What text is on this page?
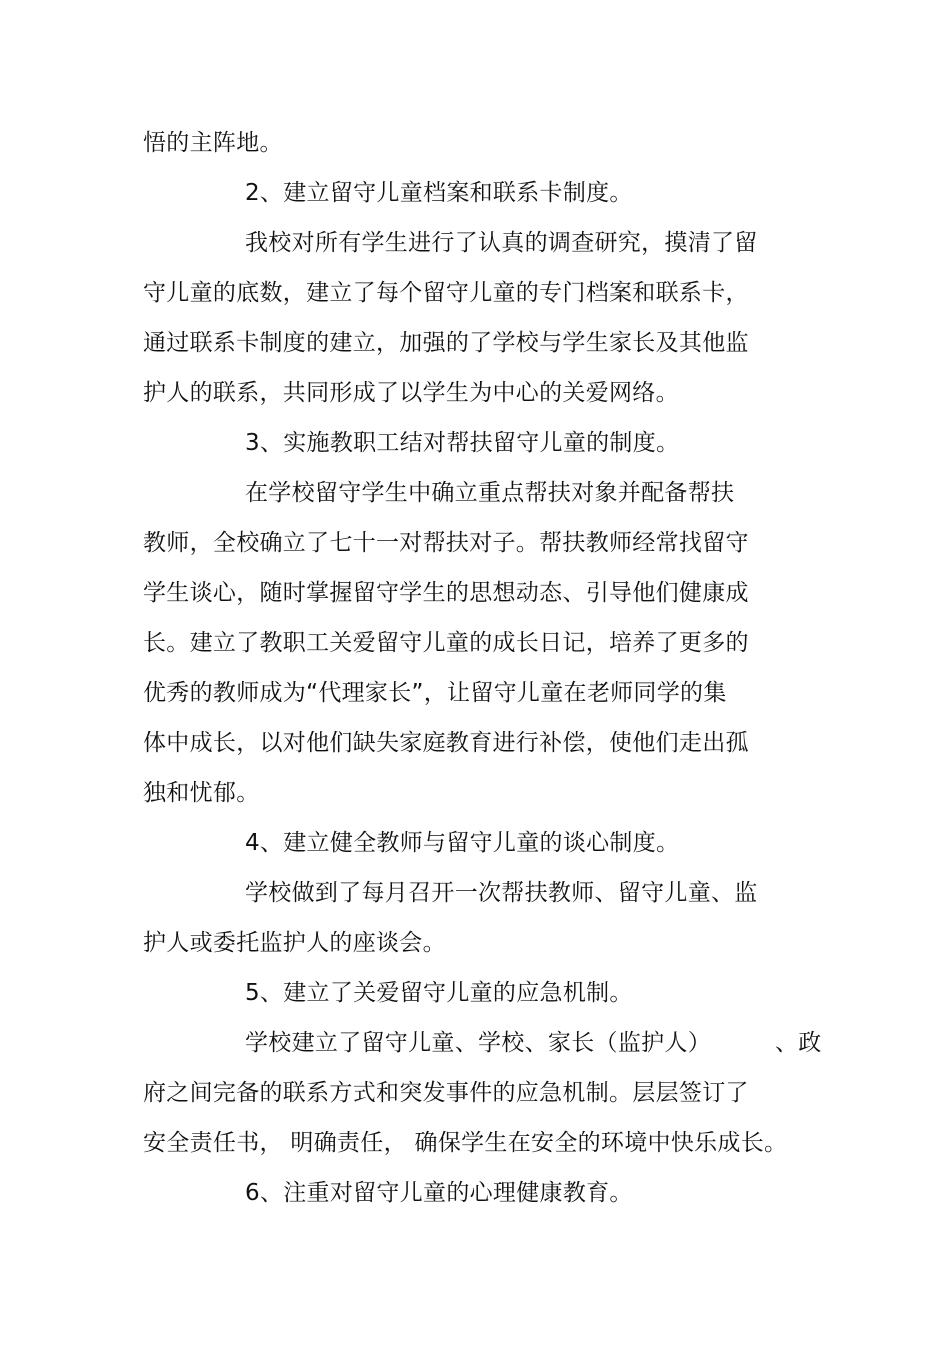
悟的主阵地。
2、建立留守儿童档案和联系卡制度。
我校对所有学生进行了认真的调查研究，摸清了留
守儿童的底数，建立了每个留守儿童的专门档案和联系卡，
通过联系卡制度的建立，加强的了学校与学生家长及其他监
护人的联系，共同形成了以学生为中心的关爱网络。
3、实施教职工结对帮扶留守儿童的制度。
在学校留守学生中确立重点帮扶对象并配备帮扶
教师，全校确立了七十一对帮扶对子。帮扶教师经常找留守
学生谈心，随时掌握留守学生的思想动态、引导他们健康成
长。建立了教职工关爱留守儿童的成长日记，培养了更多的
优秀的教师成为“代理家长”，让留守儿童在老师同学的集
体中成长，以对他们缺失家庭教育进行补偿，使他们走出孤
独和忧郁。
4、建立健全教师与留守儿童的谈心制度。
学校做到了每月召开一次帮扶教师、留守儿童、监
护人或委托监护人的座谈会。
5、建立了关爱留守儿童的应急机制。
学校建立了留守儿童、学校、家长（监护人）	、政
府之间完备的联系方式和突发事件的应急机制。层层签订了
安全责任书， 明确责任， 确保学生在安全的环境中快乐成长。
6、注重对留守儿童的心理健康教育。
